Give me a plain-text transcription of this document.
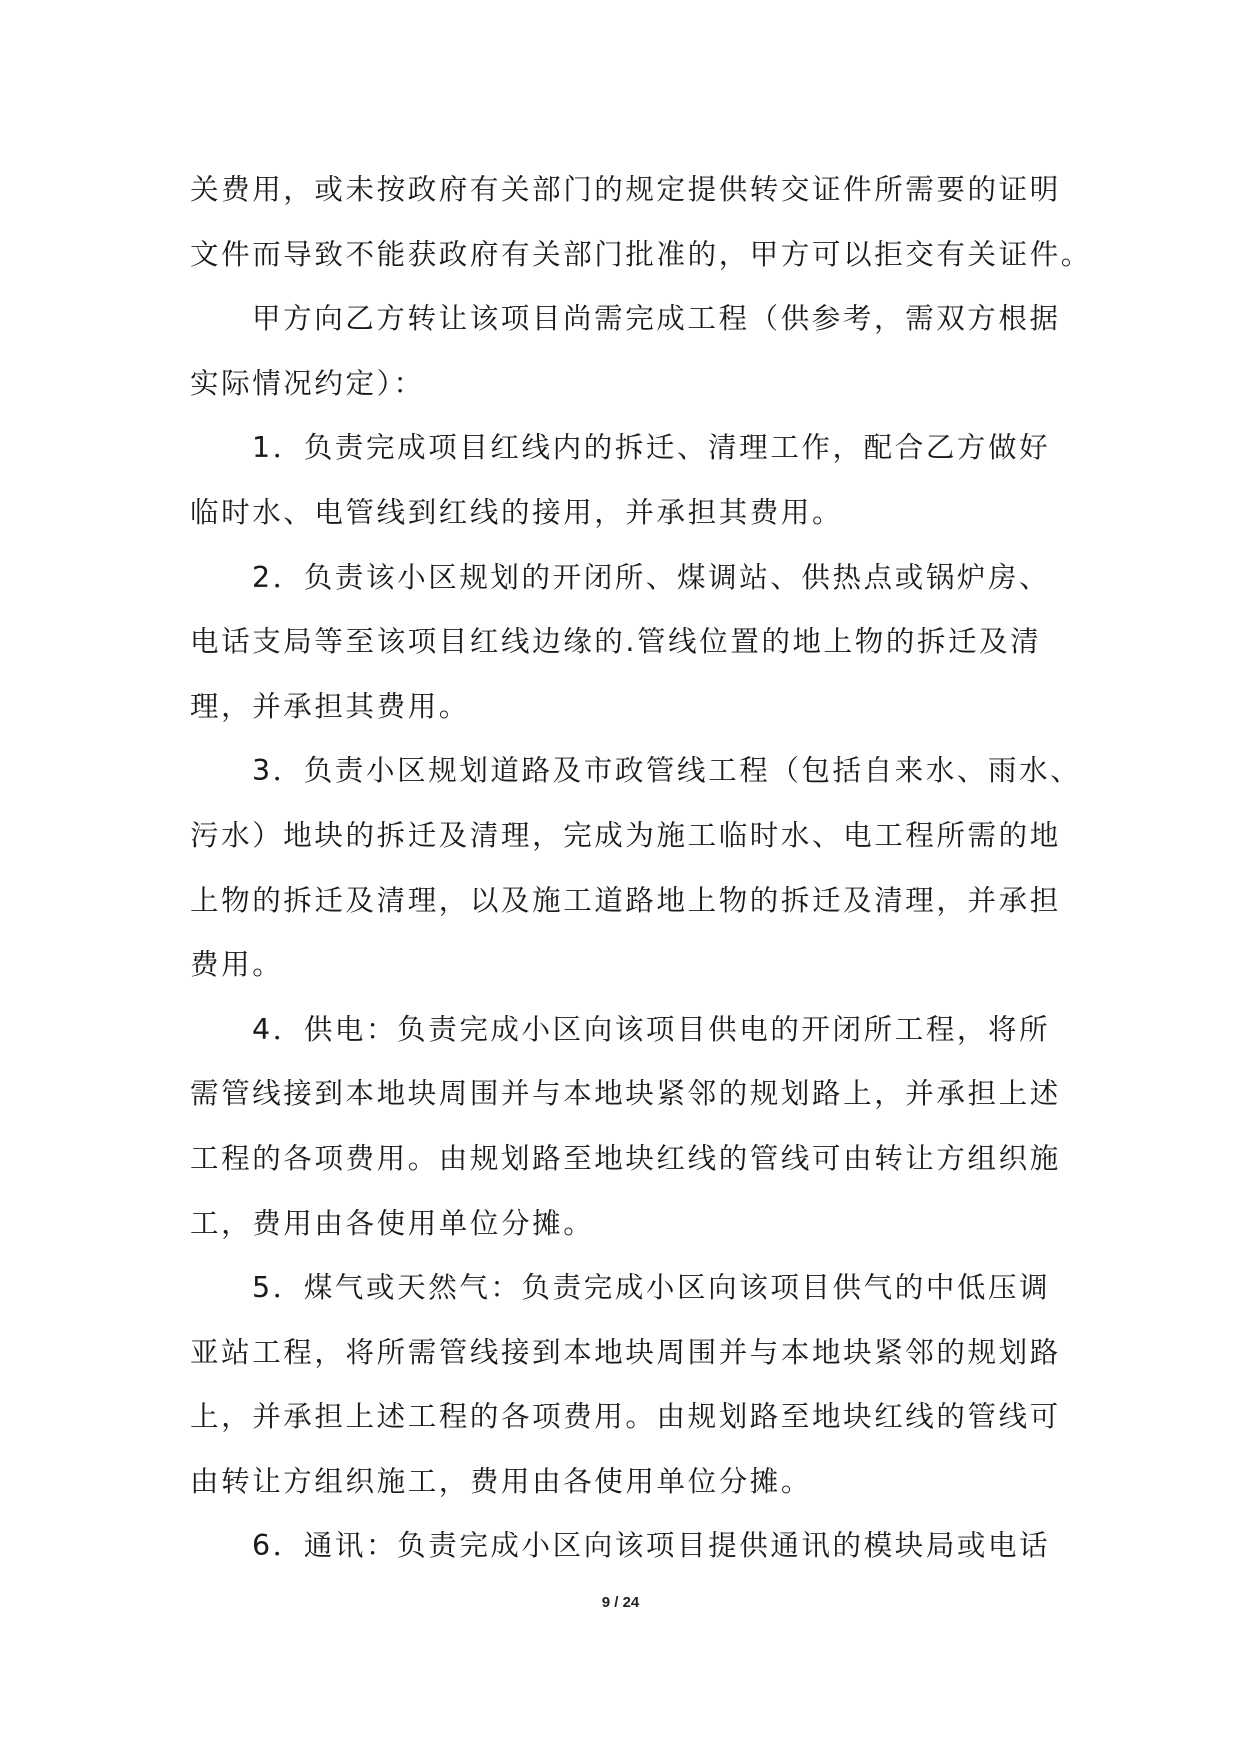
关费用，或未按政府有关部门的规定提供转交证件所需要的证明
文件而导致不能获政府有关部门批准的，甲方可以拒交有关证件。
甲方向乙方转让该项目尚需完成工程（供参考，需双方根据
实际情况约定）：
1．负责完成项目红线内的拆迁、清理工作，配合乙方做好
临时水、电管线到红线的接用，并承担其费用。
2．负责该小区规划的开闭所、煤调站、供热点或锅炉房、
电话支局等至该项目红线边缘的.管线位置的地上物的拆迁及清
理，并承担其费用。
3．负责小区规划道路及市政管线工程（包括自来水、雨水、
污水）地块的拆迁及清理，完成为施工临时水、电工程所需的地
上物的拆迁及清理，以及施工道路地上物的拆迁及清理，并承担
费用。
4．供电：负责完成小区向该项目供电的开闭所工程，将所
需管线接到本地块周围并与本地块紧邻的规划路上，并承担上述
工程的各项费用。由规划路至地块红线的管线可由转让方组织施
工，费用由各使用单位分摊。
5．煤气或天然气：负责完成小区向该项目供气的中低压调
亚站工程，将所需管线接到本地块周围并与本地块紧邻的规划路
上，并承担上述工程的各项费用。由规划路至地块红线的管线可
由转让方组织施工，费用由各使用单位分摊。
6．通讯：负责完成小区向该项目提供通讯的模块局或电话
9 / 24
